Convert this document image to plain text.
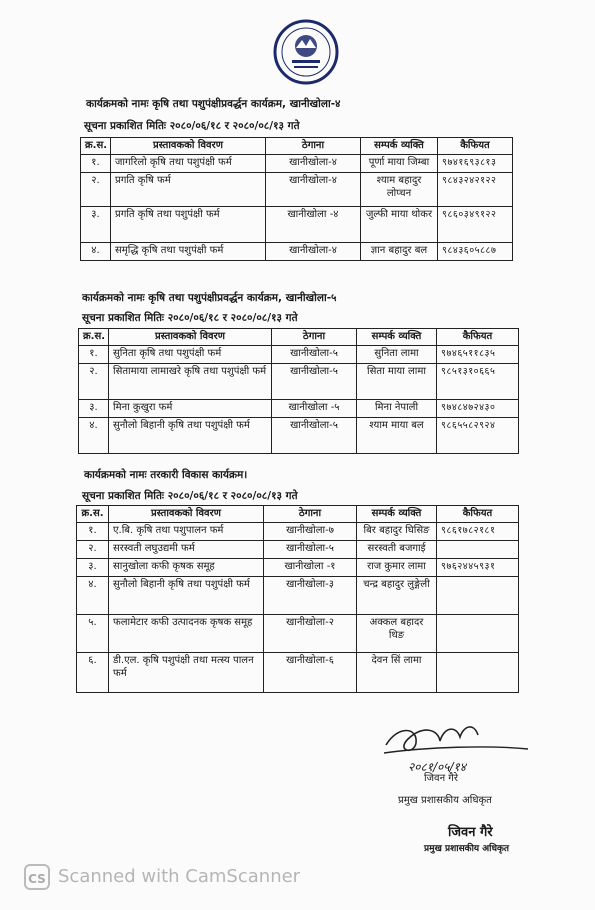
कार्यक्रमको नामः कृषि तथा पशुपंक्षीप्रवर्द्धन कार्यक्रम, खानीखोला-४
सूचना प्रकाशित मितिः २०८०/०६/१८ र २०८०/०८/१३ गते
क्र.स.	प्रस्तावकको विवरण	ठेगाना	सम्पर्क व्यक्ति	कैफियत
१.	जागरिलो कृषि तथा पशुपंक्षी फर्म	खानीखोला-४	पूर्णा माया जिम्बा	९७४१६९३८१३
२.	प्रगति कृषि फर्म	खानीखोला-४	श्याम बहादुर लोप्चन	९८४३२४२१२२
३.	प्रगति कृषि तथा पशुपंक्षी फर्म	खानीखोला -४	जुल्फी माया थोकर	९८६०३४९१२२
४.	समृद्धि कृषि तथा पशुपंक्षी फर्म	खानीखोला-४	ज्ञान बहादुर बल	९८४३६०५८८७
कार्यक्रमको नामः कृषि तथा पशुपंक्षीप्रवर्द्धन कार्यक्रम, खानीखोला-५
सूचना प्रकाशित मितिः २०८०/०६/१८ र २०८०/०८/१३ गते
क्र.स.	प्रस्तावकको विवरण	ठेगाना	सम्पर्क व्यक्ति	कैफियत
१.	सुनिता कृषि तथा पशुपंक्षी फर्म	खानीखोला-५	सुनिता लामा	९७४६५११८३५
२.	सितामाया लामाखरे कृषि तथा पशुपंक्षी फर्म	खानीखोला-५	सिता माया लामा	९८५१३१०६६५
३.	मिना कुखुरा फर्म	खानीखोला -५	मिना नेपाली	९७४८४७२४३०
४.	सुनौलो बिहानी कृषि तथा पशुपंक्षी फर्म	खानीखोला-५	श्याम माया बल	९८६५५८२९२४
कार्यक्रमको नामः तरकारी विकास कार्यक्रम।
सूचना प्रकाशित मितिः २०८०/०६/१८ र २०८०/०८/१३ गते
क्र.स.	प्रस्तावकको विवरण	ठेगाना	सम्पर्क व्यक्ति	कैफियत
१.	ए.बि. कृषि तथा पशुपालन फर्म	खानीखोला-७	बिर बहादुर घिसिङ	९८६१७८२१८१
२.	सरस्वती लघुउद्यमी फर्म	खानीखोला-५	सरस्वती बजगाई	
३.	सानुखोला कफी कृषक समूह	खानीखोला -१	राज कुमार लामा	९७६२४४५९३१
४.	सुनौलो बिहानी कृषि तथा पशुपंक्षी फर्म	खानीखोला-३	चन्द्र बहादुर लुङ्गेली	
५.	फलामेटार कफी उत्पादनक कृषक समूह	खानीखोला-२	अक्कल बहादर थिङ	
६.	डी.एल. कृषि पशुपंक्षी तथा मत्स्य पालन फर्म	खानीखोला-६	देवन सिं लामा	
२०८१/०५/१४
जिवन गैरे
प्रमुख प्रशासकीय अधिकृत
जिवन गैरे
प्रमुख प्रशासकीय अधिकृत
CS Scanned with CamScanner
